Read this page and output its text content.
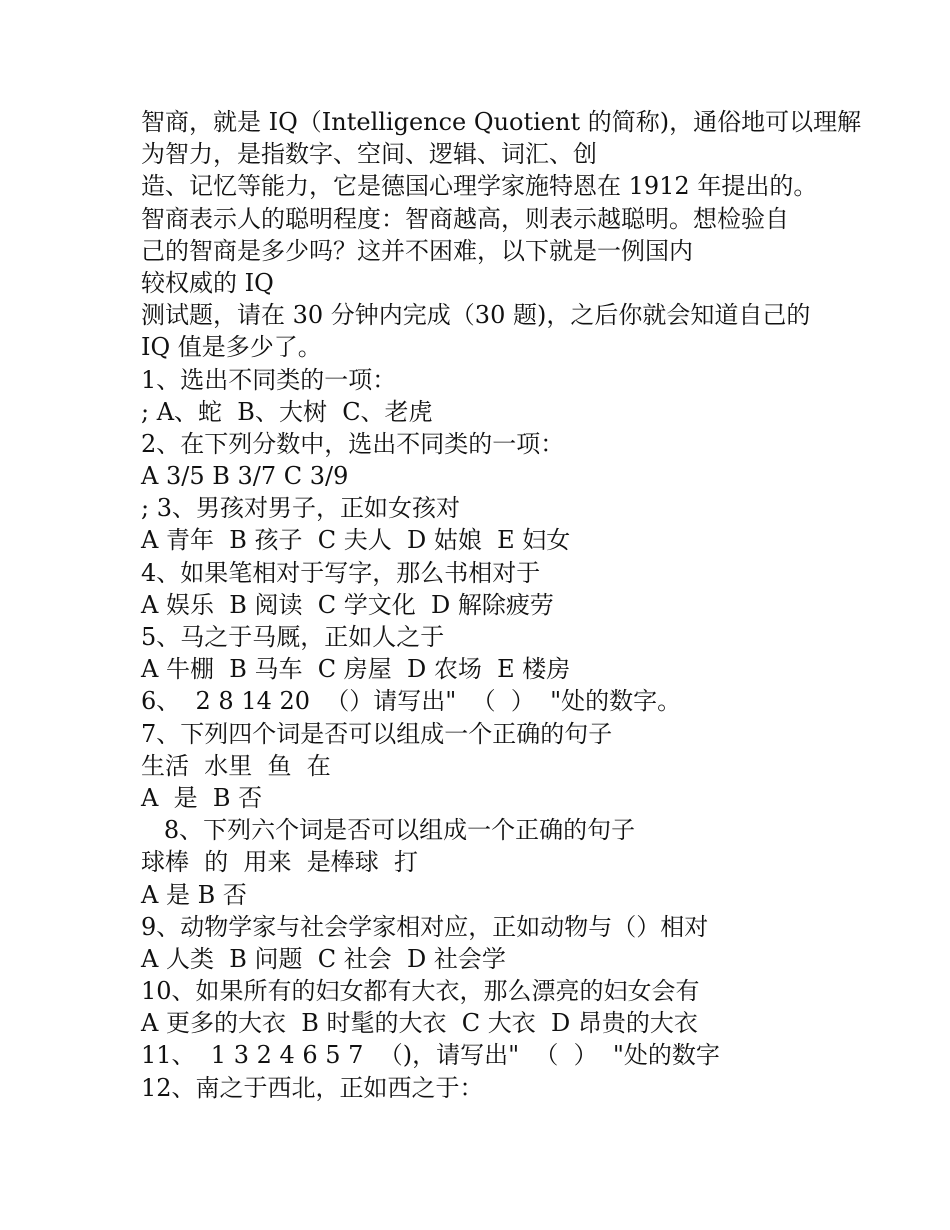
智商，就是 IQ（Intelligence Quotient 的简称)，通俗地可以理解
为智力，是指数字、空间、逻辑、词汇、创
造、记忆等能力，它是德国心理学家施特恩在 1912 年提出的。
智商表示人的聪明程度：智商越高，则表示越聪明。想检验自
己的智商是多少吗？这并不困难，以下就是一例国内
较权威的 IQ
测试题，请在 30 分钟内完成（30 题)，之后你就会知道自己的
IQ 值是多少了。
1、选出不同类的一项：
; A、蛇  B、大树  C、老虎
2、在下列分数中，选出不同类的一项：
A 3/5 B 3/7 C 3/9
; 3、男孩对男子，正如女孩对
A 青年  B 孩子  C 夫人  D 姑娘  E 妇女
4、如果笔相对于写字，那么书相对于
A 娱乐  B 阅读  C 学文化  D 解除疲劳
5、马之于马厩，正如人之于
A 牛棚  B 马车  C 房屋  D 农场  E 楼房
6、  2 8 14 20  （）请写出"  （  ）  "处的数字。
7、下列四个词是否可以组成一个正确的句子
生活  水里  鱼  在
A  是  B 否
8、下列六个词是否可以组成一个正确的句子
球棒  的  用来  是棒球  打
A 是 B 否
9、动物学家与社会学家相对应，正如动物与（）相对
A 人类  B 问题  C 社会  D 社会学
10、如果所有的妇女都有大衣，那么漂亮的妇女会有
A 更多的大衣  B 时髦的大衣  C 大衣  D 昂贵的大衣
11、  1 3 2 4 6 5 7  （)，请写出"  （  ）  "处的数字
12、南之于西北，正如西之于：
